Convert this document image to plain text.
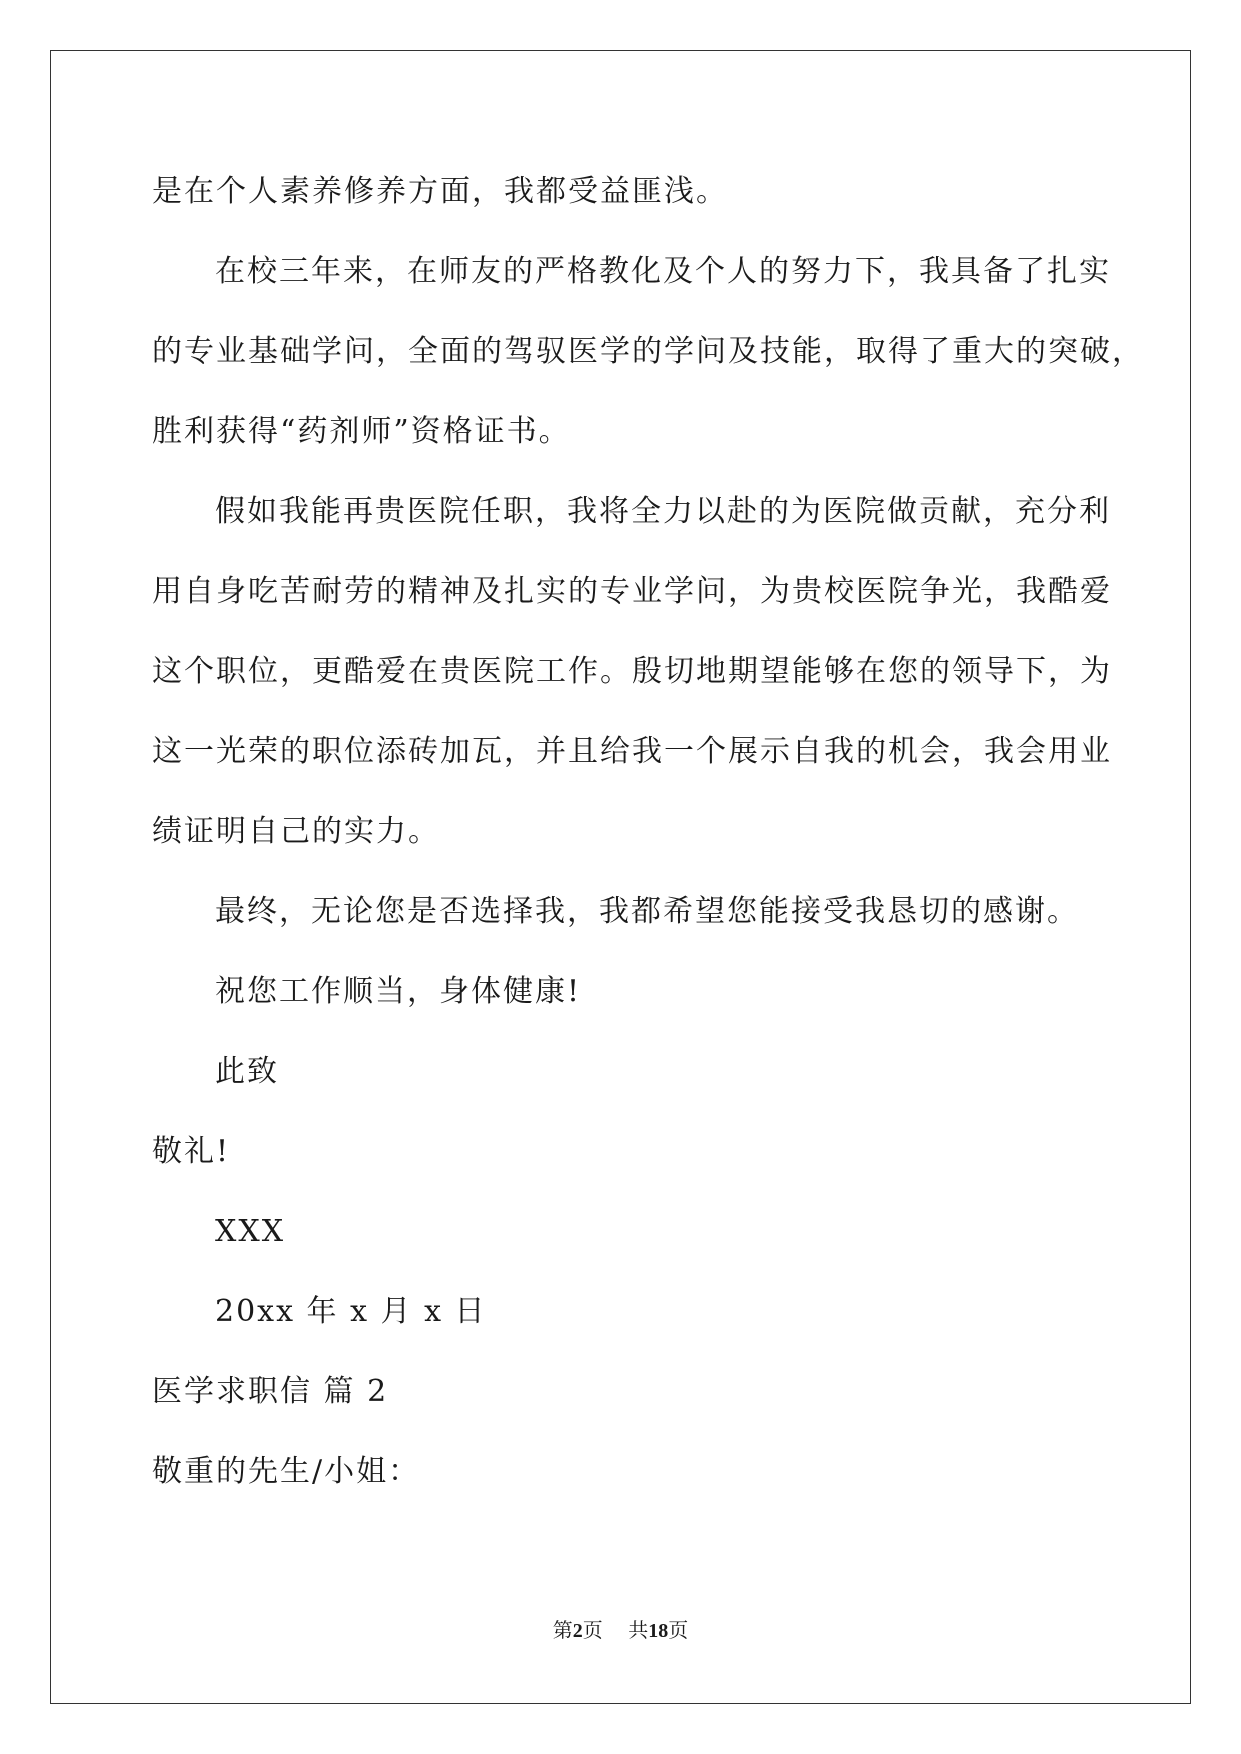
是在个人素养修养方面，我都受益匪浅。
在校三年来，在师友的严格教化及个人的努力下，我具备了扎实
的专业基础学问，全面的驾驭医学的学问及技能，取得了重大的突破，
胜利获得“药剂师”资格证书。
假如我能再贵医院任职，我将全力以赴的为医院做贡献，充分利
用自身吃苦耐劳的精神及扎实的专业学问，为贵校医院争光，我酷爱
这个职位，更酷爱在贵医院工作。殷切地期望能够在您的领导下，为
这一光荣的职位添砖加瓦，并且给我一个展示自我的机会，我会用业
绩证明自己的实力。
最终，无论您是否选择我，我都希望您能接受我恳切的感谢。
祝您工作顺当，身体健康!
此致
敬礼!
XXX
20xx 年 x 月 x 日
医学求职信 篇 2
敬重的先生/小姐：
第2页 共18页
